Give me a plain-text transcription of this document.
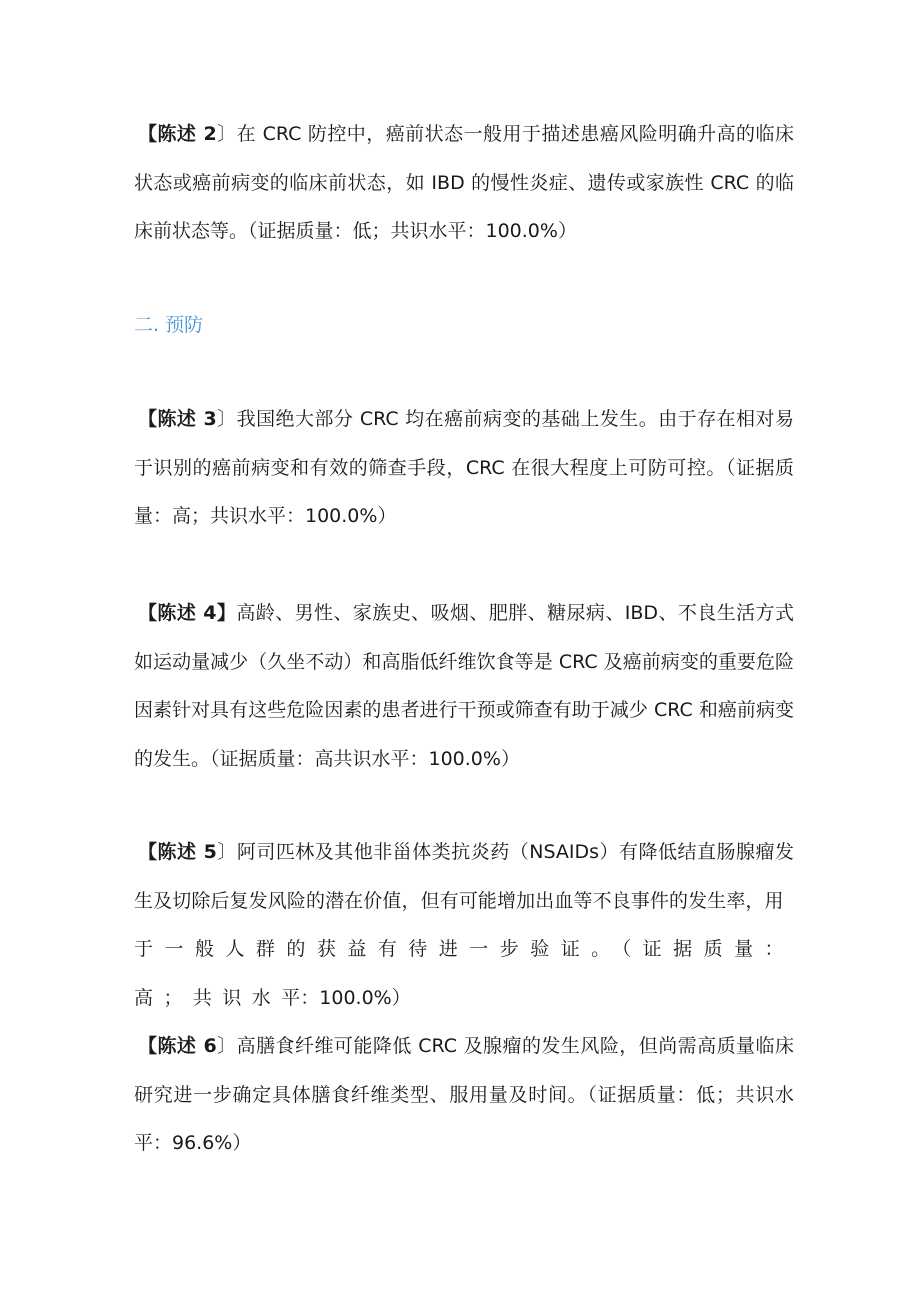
【陈述 2〕在 CRC 防控中，癌前状态一般用于描述患癌风险明确升高的临床状态或癌前病变的临床前状态，如 IBD 的慢性炎症、遗传或家族性 CRC 的临床前状态等。（证据质量：低；共识水平：100.0%）

二. 预防

【陈述 3〕我国绝大部分 CRC 均在癌前病变的基础上发生。由于存在相对易于识别的癌前病变和有效的筛查手段，CRC 在很大程度上可防可控。（证据质量：高；共识水平：100.0%）

【陈述 4】高龄、男性、家族史、吸烟、肥胖、糖尿病、IBD、不良生活方式如运动量减少（久坐不动）和高脂低纤维饮食等是 CRC 及癌前病变的重要危险因素针对具有这些危险因素的患者进行干预或筛查有助于减少 CRC 和癌前病变的发生。（证据质量：高共识水平：100.0%）

【陈述 5〕阿司匹林及其他非甾体类抗炎药（NSAIDs）有降低结直肠腺瘤发生及切除后复发风险的潜在价值，但有可能增加出血等不良事件的发生率，用于一般人群的获益有待进一步验证。（证据质量：高；共识水平：100.0%）

【陈述 6〕高膳食纤维可能降低 CRC 及腺瘤的发生风险，但尚需高质量临床研究进一步确定具体膳食纤维类型、服用量及时间。（证据质量：低；共识水平：96.6%）
